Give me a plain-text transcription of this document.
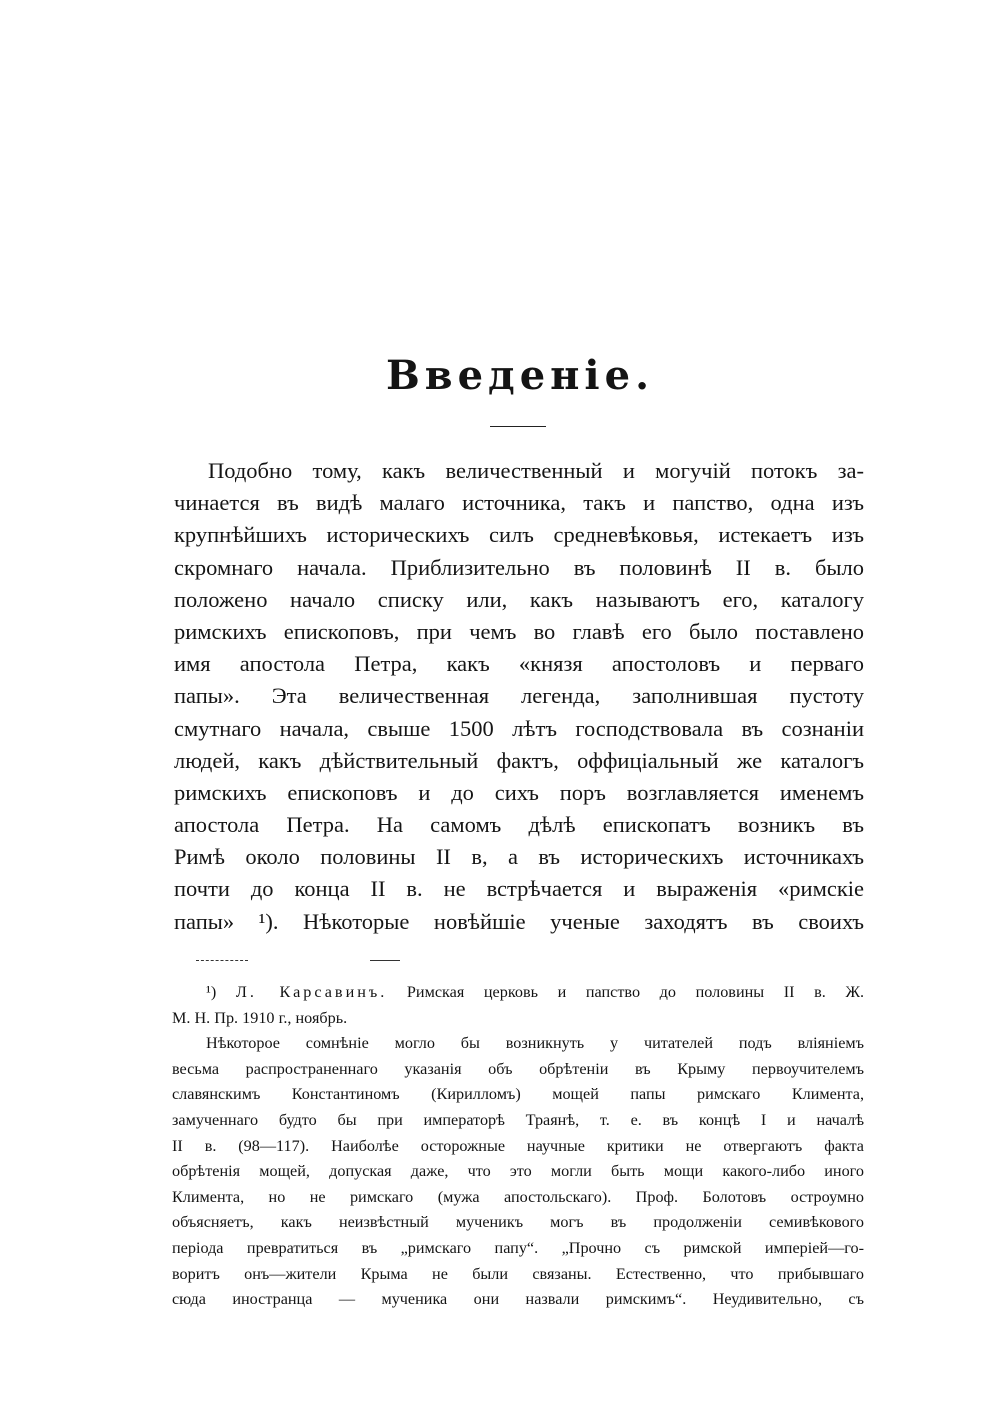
Введеніе.
Подобно тому, какъ величественный и могучій потокъ за-
чинается въ видѣ малаго источника, такъ и папство, одна изъ
крупнѣйшихъ историческихъ силъ средневѣковья, истекаетъ изъ
скромнаго начала. Приблизительно въ половинѣ II в. было
положено начало списку или, какъ называютъ его, каталогу
римскихъ епископовъ, при чемъ во главѣ его было поставлено
имя апостола Петра, какъ «князя апостоловъ и перваго
папы». Эта величественная легенда, заполнившая пустоту
смутнаго начала, свыше 1500 лѣтъ господствовала въ сознаніи
людей, какъ дѣйствительный фактъ, оффиціальный же каталогъ
римскихъ епископовъ и до сихъ поръ возглавляется именемъ
апостола Петра. На самомъ дѣлѣ епископатъ возникъ въ
Римѣ около половины II в, а въ историческихъ источникахъ
почти до конца II в. не встрѣчается и выраженія «римскіе
папы» ¹). Нѣкоторые новѣйшіе ученые заходятъ въ своихъ
¹) Л. Карсавинъ. Римская церковь и папство до половины II в. Ж.
М. Н. Пр. 1910 г., ноябрь.
Нѣкоторое сомнѣніе могло бы возникнуть у читателей подъ вліяніемъ
весьма распространеннаго указанія объ обрѣтеніи въ Крыму первоучителемъ
славянскимъ Константиномъ (Кирилломъ) мощей папы римскаго Климента,
замученнаго будто бы при императорѣ Траянѣ, т. е. въ концѣ I и началѣ
II в. (98—117). Наиболѣе осторожные научные критики не отвергаютъ факта
обрѣтенія мощей, допуская даже, что это могли быть мощи какого-либо иного
Климента, но не римскаго (мужа апостольскаго). Проф. Болотовъ остроумно
объясняетъ, какъ неизвѣстный мученикъ могъ въ продолженіи семивѣкового
періода превратиться въ „римскаго папу“. „Прочно съ римской имперіей—го-
воритъ онъ—жители Крыма не были связаны. Естественно, что прибывшаго
сюда иностранца — мученика они назвали римскимъ“. Неудивительно, съ
